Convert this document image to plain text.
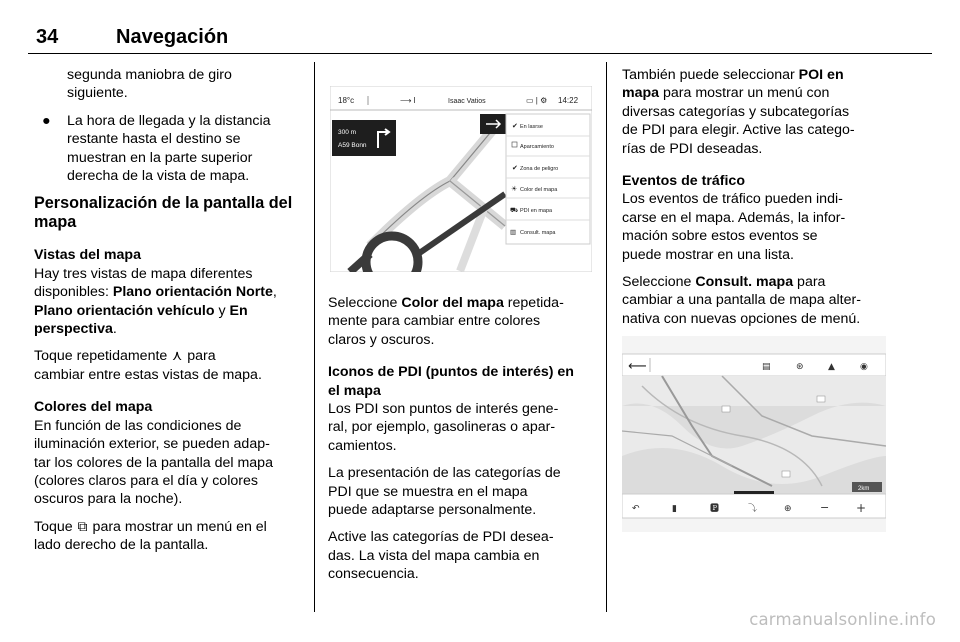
34	Navegación
segunda maniobra de giro
siguiente.
● La hora de llegada y la distancia
restante hasta el destino se
muestran en la parte superior
derecha de la vista de mapa.
Personalización de la pantalla del
mapa
Vistas del mapa
Hay tres vistas de mapa diferentes
disponibles: Plano orientación Norte,
Plano orientación vehículo y En
perspectiva.
Toque repetidamente ⋏ para
cambiar entre estas vistas de mapa.
Colores del mapa
En función de las condiciones de
iluminación exterior, se pueden adap-
tar los colores de la pantalla del mapa
(colores claros para el día y colores
oscuros para la noche).
Toque ⧉ para mostrar un menú en el
lado derecho de la pantalla.
18°c	⟶ l	Isaac Vatios	▭ | ⚙ 14:22
300 m
A59 Bonn
✔ En lasrse
Aparcamiento
✔ Zona de peligro
☀ Color del mapa
⛟ PDI en mapa
▥ Consult. mapa
Seleccione Color del mapa repetida-
mente para cambiar entre colores
claros y oscuros.
Iconos de PDI (puntos de interés) en
el mapa
Los PDI son puntos de interés gene-
ral, por ejemplo, gasolineras o apar-
camientos.
La presentación de las categorías de
PDI que se muestra en el mapa
puede adaptarse personalmente.
Active las categorías de PDI desea-
das. La vista del mapa cambia en
consecuencia.
También puede seleccionar POI en
mapa para mostrar un menú con
diversas categorías y subcategorías
de PDI para elegir. Active las catego-
rías de PDI deseadas.
Eventos de tráfico
Los eventos de tráfico pueden indi-
carse en el mapa. Además, la infor-
mación sobre estos eventos se
puede mostrar en una lista.
Seleccione Consult. mapa para
cambiar a una pantalla de mapa alter-
nativa con nuevas opciones de menú.
⟵	▤	⊛	▲	◉
2km
↶	▮	🅿	⤵	⊕	− +
carmanualsonline.info
